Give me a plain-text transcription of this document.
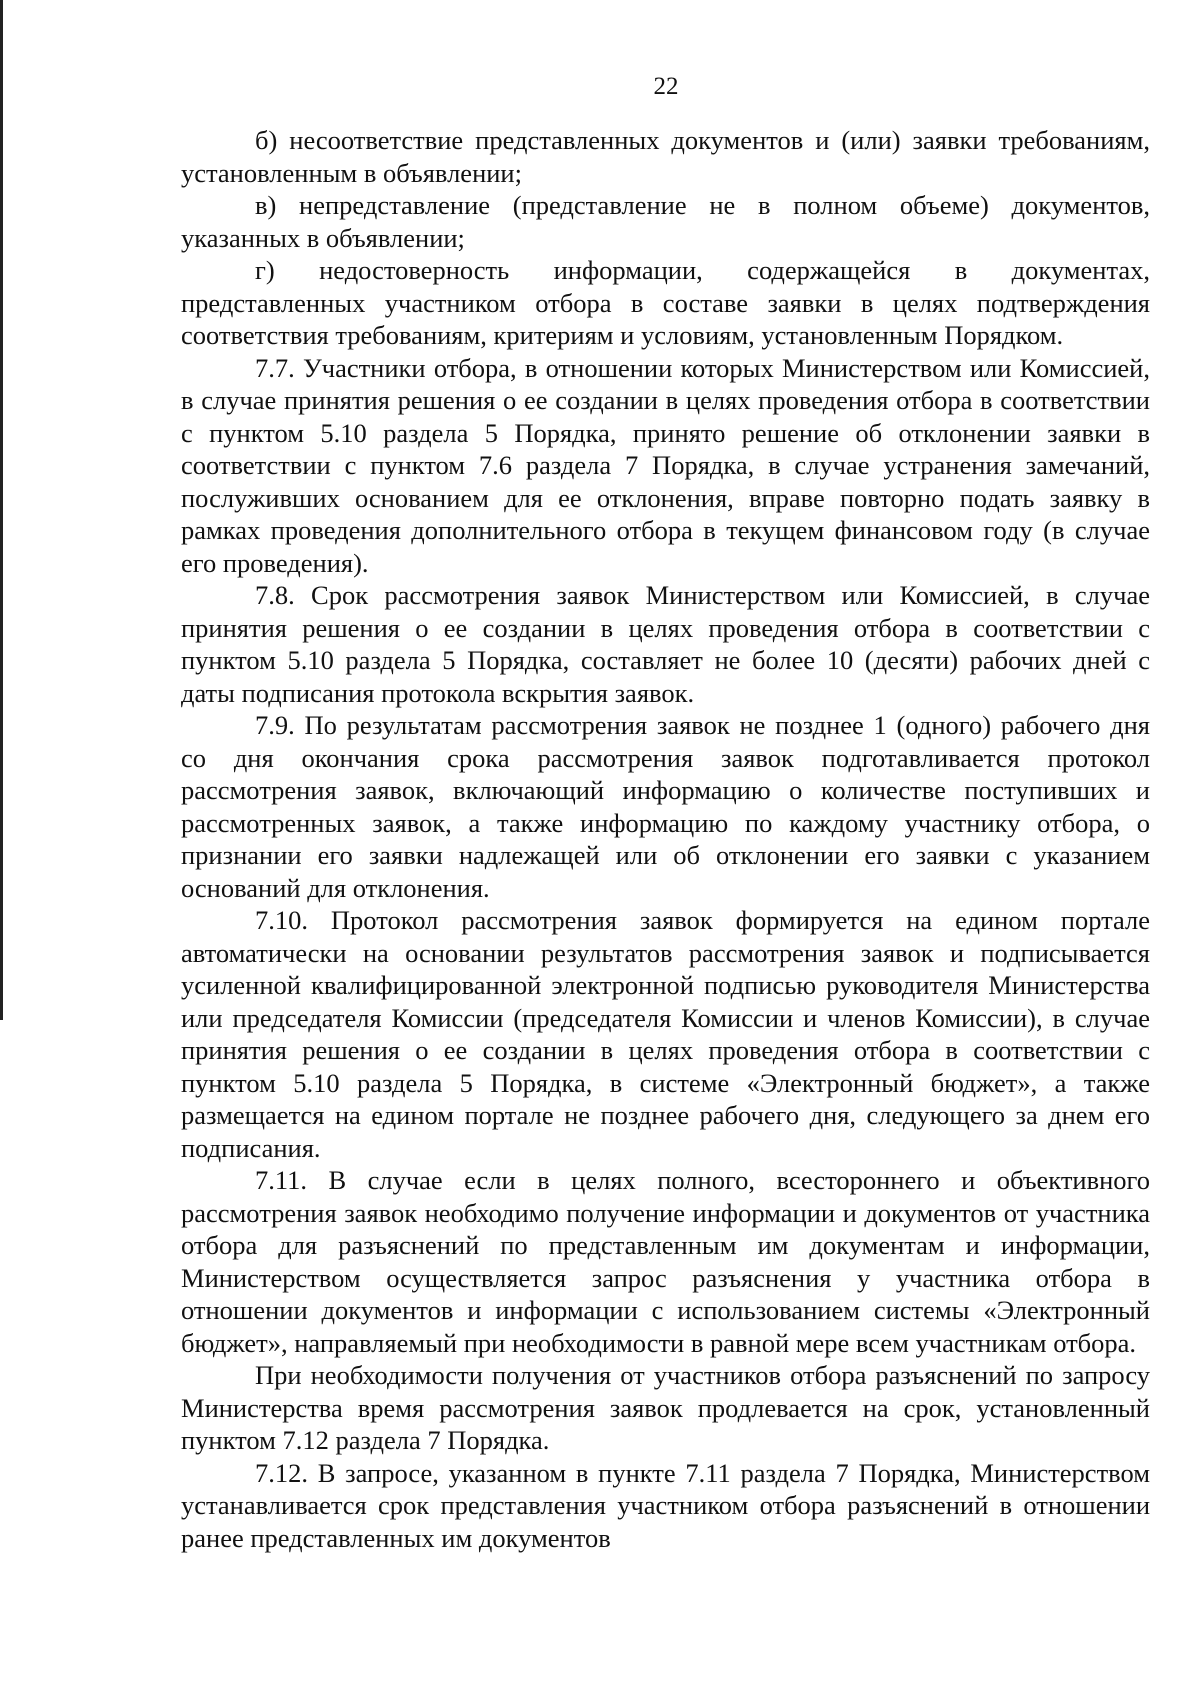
22

б) несоответствие представленных документов и (или) заявки требованиям, установленным в объявлении;

в) непредставление (представление не в полном объеме) документов, указанных в объявлении;

г) недостоверность информации, содержащейся в документах, представленных участником отбора в составе заявки в целях подтверждения соответствия требованиям, критериям и условиям, установленным Порядком.

7.7. Участники отбора, в отношении которых Министерством или Комиссией, в случае принятия решения о ее создании в целях проведения отбора в соответствии с пунктом 5.10 раздела 5 Порядка, принято решение об отклонении заявки в соответствии с пунктом 7.6 раздела 7 Порядка, в случае устранения замечаний, послуживших основанием для ее отклонения, вправе повторно подать заявку в рамках проведения дополнительного отбора в текущем финансовом году (в случае его проведения).

7.8. Срок рассмотрения заявок Министерством или Комиссией, в случае принятия решения о ее создании в целях проведения отбора в соответствии с пунктом 5.10 раздела 5 Порядка, составляет не более 10 (десяти) рабочих дней с даты подписания протокола вскрытия заявок.

7.9. По результатам рассмотрения заявок не позднее 1 (одного) рабочего дня со дня окончания срока рассмотрения заявок подготавливается протокол рассмотрения заявок, включающий информацию о количестве поступивших и рассмотренных заявок, а также информацию по каждому участнику отбора, о признании его заявки надлежащей или об отклонении его заявки с указанием оснований для отклонения.

7.10. Протокол рассмотрения заявок формируется на едином портале автоматически на основании результатов рассмотрения заявок и подписывается усиленной квалифицированной электронной подписью руководителя Министерства или председателя Комиссии (председателя Комиссии и членов Комиссии), в случае принятия решения о ее создании в целях проведения отбора в соответствии с пунктом 5.10 раздела 5 Порядка, в системе «Электронный бюджет», а также размещается на едином портале не позднее рабочего дня, следующего за днем его подписания.

7.11. В случае если в целях полного, всестороннего и объективного рассмотрения заявок необходимо получение информации и документов от участника отбора для разъяснений по представленным им документам и информации, Министерством осуществляется запрос разъяснения у участника отбора в отношении документов и информации с использованием системы «Электронный бюджет», направляемый при необходимости в равной мере всем участникам отбора.

При необходимости получения от участников отбора разъяснений по запросу Министерства время рассмотрения заявок продлевается на срок, установленный пунктом 7.12 раздела 7 Порядка.

7.12. В запросе, указанном в пункте 7.11 раздела 7 Порядка, Министерством устанавливается срок представления участником отбора разъяснений в отношении ранее представленных им документов
